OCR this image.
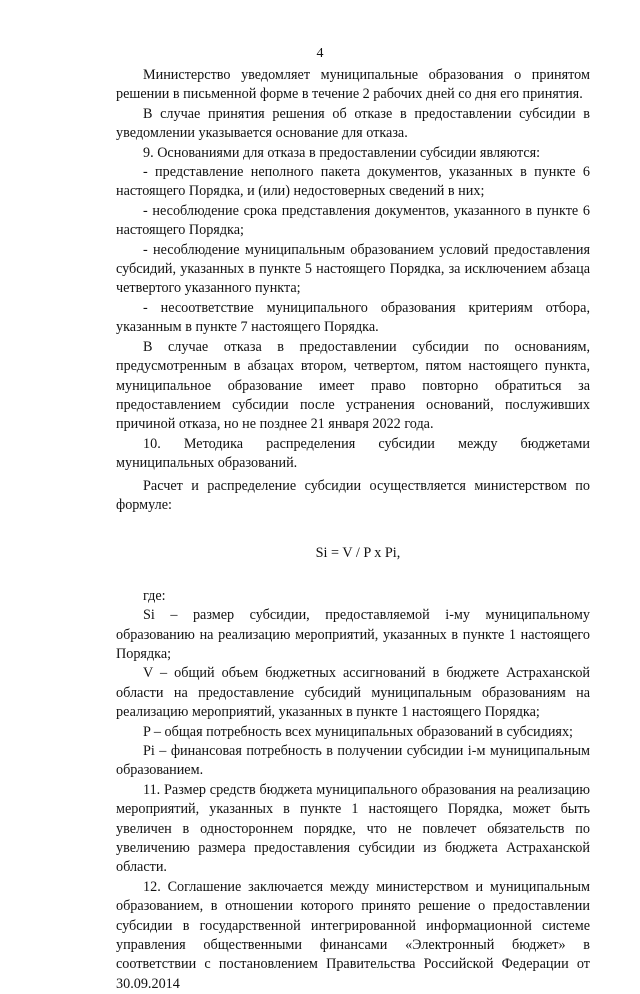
4

Министерство уведомляет муниципальные образования о принятом решении в письменной форме в течение 2 рабочих дней со дня его принятия.

В случае принятия решения об отказе в предоставлении субсидии в уведомлении указывается основание для отказа.

9. Основаниями для отказа в предоставлении субсидии являются:

- представление неполного пакета документов, указанных в пункте 6 настоящего Порядка, и (или) недостоверных сведений в них;

- несоблюдение срока представления документов, указанного в пункте 6 настоящего Порядка;

- несоблюдение муниципальным образованием условий предоставления субсидий, указанных в пункте 5 настоящего Порядка, за исключением абзаца четвертого указанного пункта;

- несоответствие муниципального образования критериям отбора, указанным в пункте 7 настоящего Порядка.

В случае отказа в предоставлении субсидии по основаниям, предусмотренным в абзацах втором, четвертом, пятом настоящего пункта, муниципальное образование имеет право повторно обратиться за предоставлением субсидии после устранения оснований, послуживших причиной отказа, но не позднее 21 января 2022 года.

10. Методика распределения субсидии между бюджетами муниципальных образований.

Расчет и распределение субсидии осуществляется министерством по формуле:

Si = V / P x Pi,

где:

Si – размер субсидии, предоставляемой i-му муниципальному образованию на реализацию мероприятий, указанных в пункте 1 настоящего Порядка;

V – общий объем бюджетных ассигнований в бюджете Астраханской области на предоставление субсидий муниципальным образованиям на реализацию мероприятий, указанных в пункте 1 настоящего Порядка;

P – общая потребность всех муниципальных образований в субсидиях;

Pi – финансовая потребность в получении субсидии i-м муниципальным образованием.

11. Размер средств бюджета муниципального образования на реализацию мероприятий, указанных в пункте 1 настоящего Порядка, может быть увеличен в одностороннем порядке, что не повлечет обязательств по увеличению размера предоставления субсидии из бюджета Астраханской области.

12. Соглашение заключается между министерством и муниципальным образованием, в отношении которого принято решение о предоставлении субсидии в государственной интегрированной информационной системе управления общественными финансами «Электронный бюджет» в соответствии с постановлением Правительства Российской Федерации от 30.09.2014
